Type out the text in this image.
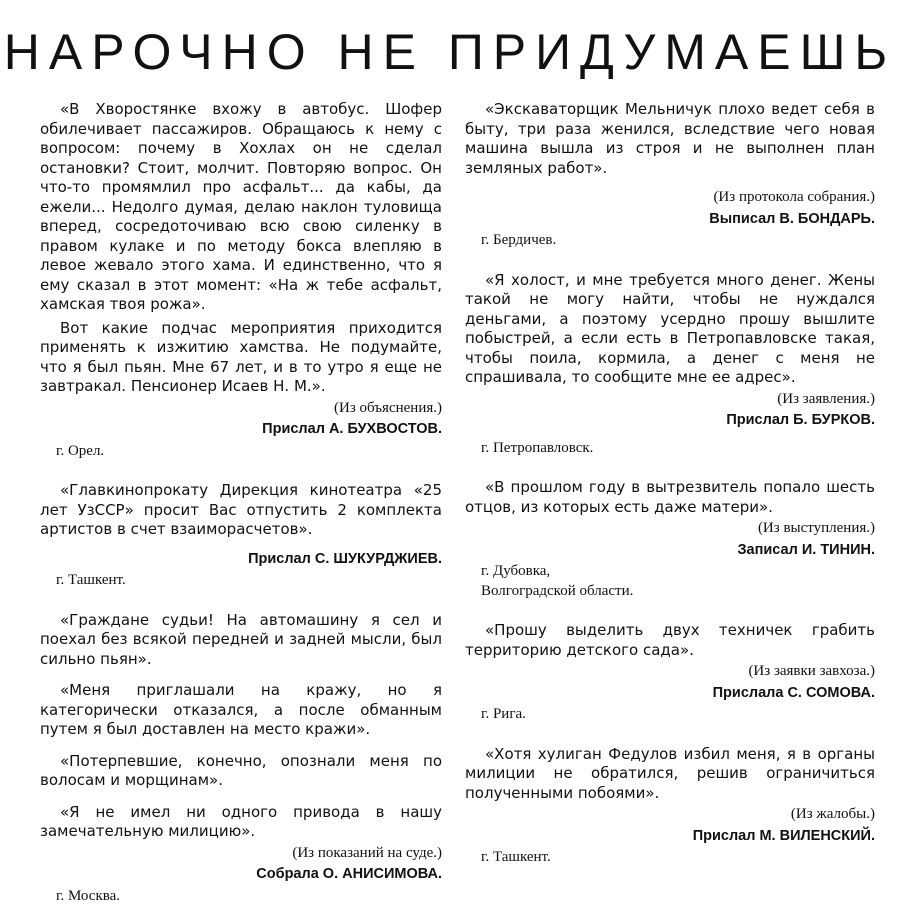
НАРОЧНО НЕ ПРИДУМАЕШЬ

«В Хворостянке вхожу в автобус. Шофер обилечивает пассажиров. Обращаюсь к нему с вопросом: почему в Хохлах он не сделал остановки? Стоит, молчит. Повторяю вопрос. Он что-то промямлил про асфальт... да кабы, да ежели... Недолго думая, делаю наклон туловища вперед, сосредоточиваю всю свою силенку в правом кулаке и по методу бокса влепляю в левое жевало этого хама. И единственно, что я ему сказал в этот момент: «На ж тебе асфальт, хамская твоя рожа».

Вот какие подчас мероприятия приходится применять к изжитию хамства. Не подумайте, что я был пьян. Мне 67 лет, и в то утро я еще не завтракал. Пенсионер Исаев Н. М.».

(Из объяснения.)

Прислал А. БУХВОСТОВ.

г. Орел.

«Главкинопрокату Дирекция кинотеатра «25 лет УзССР» просит Вас отпустить 2 комплекта артистов в счет взаиморасчетов».

Прислал С. ШУКУРДЖИЕВ.

г. Ташкент.

«Граждане судьи! На автомашину я сел и поехал без всякой передней и задней мысли, был сильно пьян».

«Меня приглашали на кражу, но я категорически отказался, а после обманным путем я был доставлен на место кражи».

«Потерпевшие, конечно, опознали меня по волосам и морщинам».

«Я не имел ни одного привода в нашу замечательную милицию».

(Из показаний на суде.)

Собрала О. АНИСИМОВА.

г. Москва.

«Экскаваторщик Мельничук плохо ведет себя в быту, три раза женился, вследствие чего новая машина вышла из строя и не выполнен план земляных работ».

(Из протокола собрания.)

Выписал В. БОНДАРЬ.

г. Бердичев.

«Я холост, и мне требуется много денег. Жены такой не могу найти, чтобы не нуждался деньгами, а поэтому усердно прошу вышлите побыстрей, а если есть в Петропавловске такая, чтобы поила, кормила, а денег с меня не спрашивала, то сообщите мне ее адрес».

(Из заявления.)

Прислал Б. БУРКОВ.

г. Петропавловск.

«В прошлом году в вытрезвитель попало шесть отцов, из которых есть даже матери».

(Из выступления.)

Записал И. ТИНИН.

г. Дубовка,

Волгоградской области.

«Прошу выделить двух техничек грабить территорию детского сада».

(Из заявки завхоза.)

Прислала С. СОМОВА.

г. Рига.

«Хотя хулиган Федулов избил меня, я в органы милиции не обратился, решив ограничиться полученными побоями».

(Из жалобы.)

Прислал М. ВИЛЕНСКИЙ.

г. Ташкент.
